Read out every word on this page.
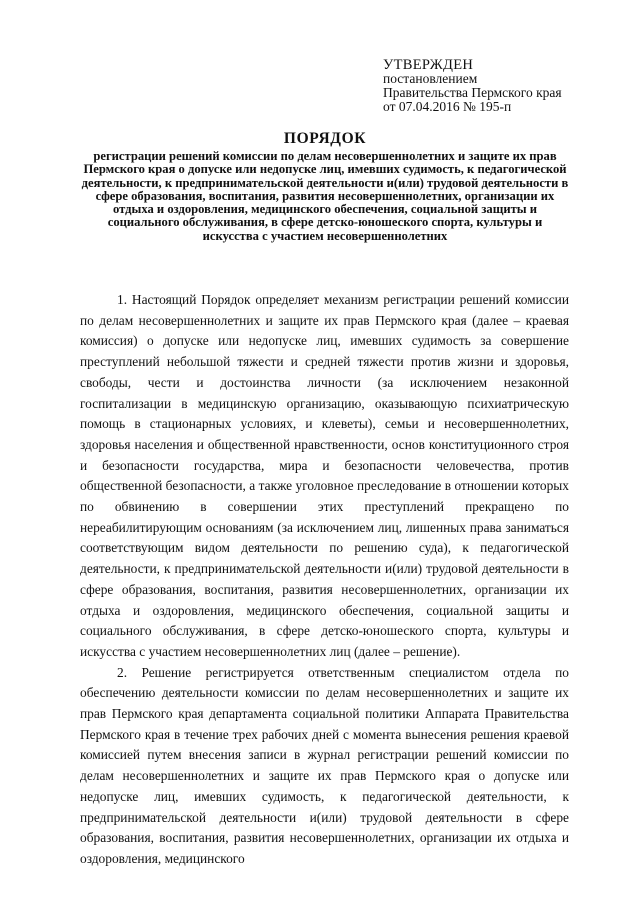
УТВЕРЖДЕН
постановлением
Правительства Пермского края
от 07.04.2016 № 195-п
ПОРЯДОК
регистрации решений комиссии по делам несовершеннолетних и защите их прав Пермского края о допуске или недопуске лиц, имевших судимость, к педагогической деятельности, к предпринимательской деятельности и(или) трудовой деятельности в сфере образования, воспитания, развития несовершеннолетних, организации их отдыха и оздоровления, медицинского обеспечения, социальной защиты и социального обслуживания, в сфере детско-юношеского спорта, культуры и искусства с участием несовершеннолетних

1. Настоящий Порядок определяет механизм регистрации решений комиссии по делам несовершеннолетних и защите их прав Пермского края (далее – краевая комиссия) о допуске или недопуске лиц, имевших судимость за совершение преступлений небольшой тяжести и средней тяжести против жизни и здоровья, свободы, чести и достоинства личности (за исключением незаконной госпитализации в медицинскую организацию, оказывающую психиатрическую помощь в стационарных условиях, и клеветы), семьи и несовершеннолетних, здоровья населения и общественной нравственности, основ конституционного строя и безопасности государства, мира и безопасности человечества, против общественной безопасности, а также уголовное преследование в отношении которых по обвинению в совершении этих преступлений прекращено по нереабилитирующим основаниям (за исключением лиц, лишенных права заниматься соответствующим видом деятельности по решению суда), к педагогической деятельности, к предпринимательской деятельности и(или) трудовой деятельности в сфере образования, воспитания, развития несовершеннолетних, организации их отдыха и оздоровления, медицинского обеспечения, социальной защиты и социального обслуживания, в сфере детско-юношеского спорта, культуры и искусства с участием несовершеннолетних лиц (далее – решение).

2. Решение регистрируется ответственным специалистом отдела по обеспечению деятельности комиссии по делам несовершеннолетних и защите их прав Пермского края департамента социальной политики Аппарата Правительства Пермского края в течение трех рабочих дней с момента вынесения решения краевой комиссией путем внесения записи в журнал регистрации решений комиссии по делам несовершеннолетних и защите их прав Пермского края о допуске или недопуске лиц, имевших судимость, к педагогической деятельности, к предпринимательской деятельности и(или) трудовой деятельности в сфере образования, воспитания, развития несовершеннолетних, организации их отдыха и оздоровления, медицинского
